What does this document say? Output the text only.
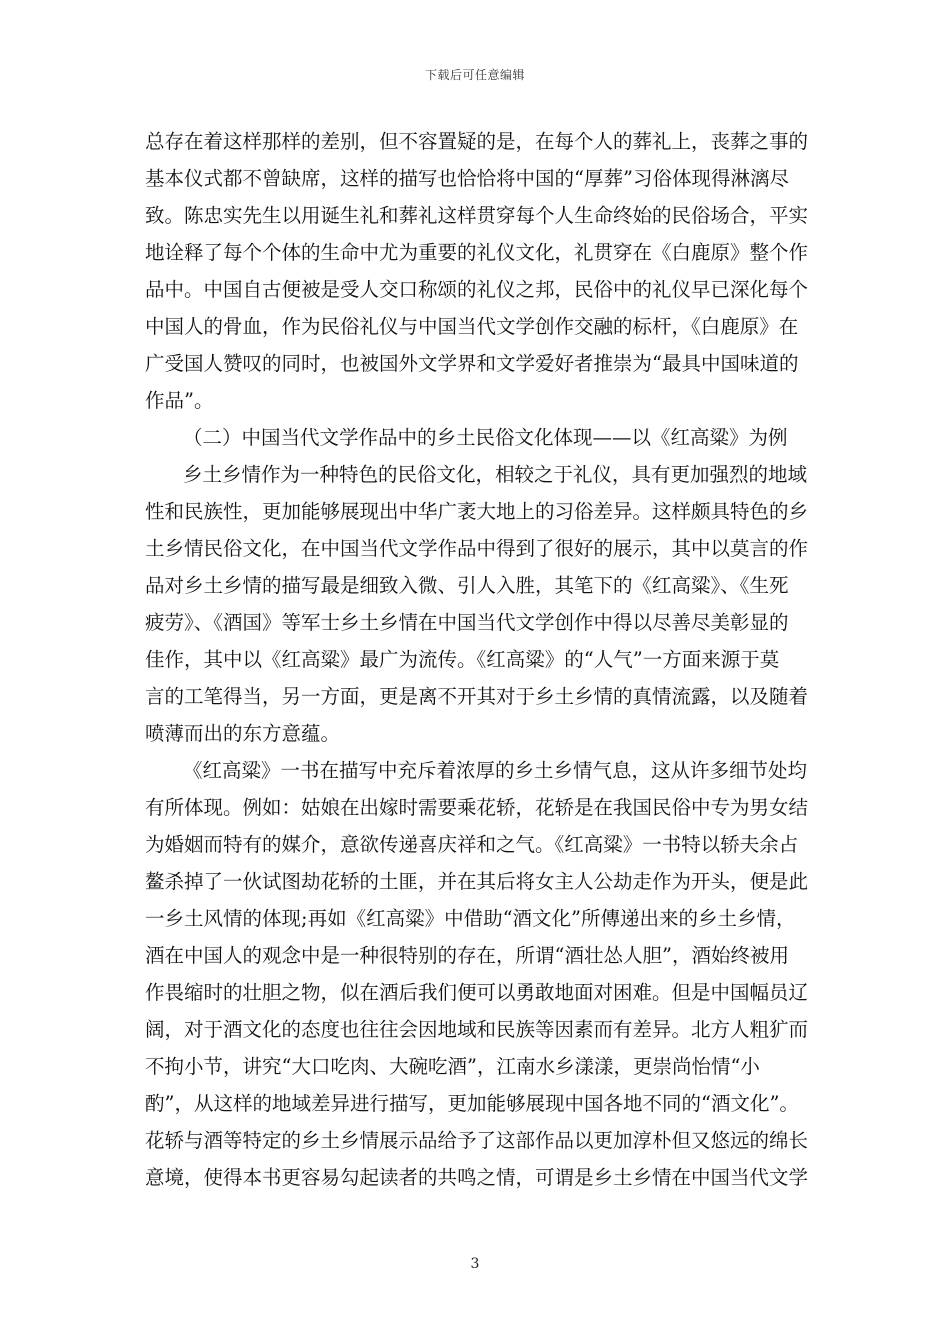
下载后可任意编辑
总存在着这样那样的差别，但不容置疑的是，在每个人的葬礼上，丧葬之事的
基本仪式都不曾缺席，这样的描写也恰恰将中国的“厚葬”习俗体现得淋漓尽
致。陈忠实先生以用诞生礼和葬礼这样贯穿每个人生命终始的民俗场合，平实
地诠释了每个个体的生命中尤为重要的礼仪文化，礼贯穿在《白鹿原》整个作
品中。中国自古便被是受人交口称颂的礼仪之邦，民俗中的礼仪早已深化每个
中国人的骨血，作为民俗礼仪与中国当代文学创作交融的标杆，《白鹿原》在
广受国人赞叹的同时，也被国外文学界和文学爱好者推崇为“最具中国味道的
作品”。
（二）中国当代文学作品中的乡土民俗文化体现——以《红高粱》为例
乡土乡情作为一种特色的民俗文化，相较之于礼仪，具有更加强烈的地域
性和民族性，更加能够展现出中华广袤大地上的习俗差异。这样颇具特色的乡
土乡情民俗文化，在中国当代文学作品中得到了很好的展示，其中以莫言的作
品对乡土乡情的描写最是细致入微、引人入胜，其笔下的《红高粱》、《生死
疲劳》、《酒国》等军士乡土乡情在中国当代文学创作中得以尽善尽美彰显的
佳作，其中以《红高粱》最广为流传。《红高粱》的“人气”一方面来源于莫
言的工笔得当，另一方面，更是离不开其对于乡土乡情的真情流露，以及随着
喷薄而出的东方意蕴。
《红高粱》一书在描写中充斥着浓厚的乡土乡情气息，这从许多细节处均
有所体现。例如：姑娘在出嫁时需要乘花轿，花轿是在我国民俗中专为男女结
为婚姻而特有的媒介，意欲传递喜庆祥和之气。《红高粱》一书特以轿夫余占
鳌杀掉了一伙试图劫花轿的土匪，并在其后将女主人公劫走作为开头，便是此
一乡土风情的体现;再如《红高粱》中借助“酒文化”所傳递出来的乡土乡情，
酒在中国人的观念中是一种很特别的存在，所谓“酒壮怂人胆”，酒始终被用
作畏缩时的壮胆之物，似在酒后我们便可以勇敢地面对困难。但是中国幅员辽
阔，对于酒文化的态度也往往会因地域和民族等因素而有差异。北方人粗犷而
不拘小节，讲究“大口吃肉、大碗吃酒”，江南水乡漾漾，更崇尚怡情“小
酌”，从这样的地域差异进行描写，更加能够展现中国各地不同的“酒文化”。
花轿与酒等特定的乡土乡情展示品给予了这部作品以更加淳朴但又悠远的绵长
意境，使得本书更容易勾起读者的共鸣之情，可谓是乡土乡情在中国当代文学
3
